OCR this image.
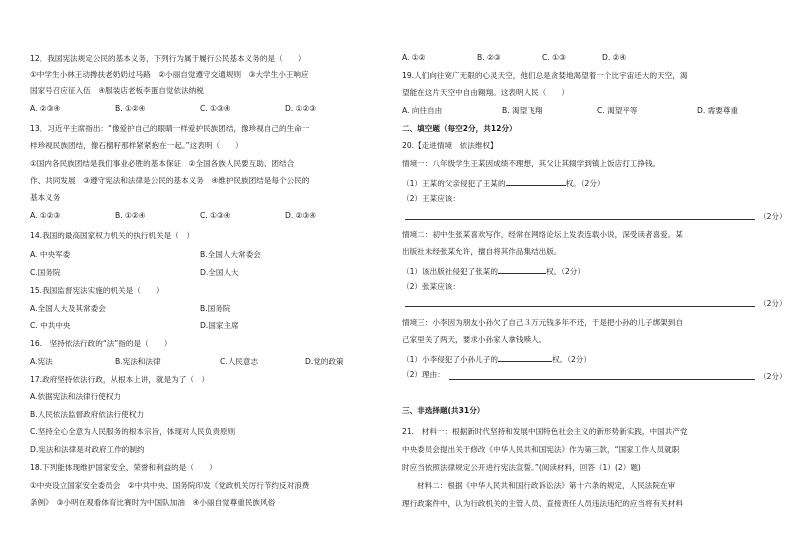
12．我国宪法规定公民的基本义务，下列行为属于履行公民基本义务的是（　　）
①中学生小林王动搀扶老奶奶过马路　②小丽自觉遵守交通规则　③大学生小王响应
国家号召应征入伍　④服装店老板李蛋自觉依法纳税
A. ②③④	B. ①②④	C. ①③④	D. ①②③
13．习近平主席指出：“像爱护自己的眼睛一样爱护民族团结，像珍视自己的生命一
样珍视民族团结，像石榴籽那样紧紧抱在一起。”这表明（　　）
①国内各民族团结是我们事业必胜的基本保证　②全国各族人民要互助、团结合
作、共同发展　③遵守宪法和法律是公民的基本义务　④维护民族团结是每个公民的
基本义务
A. ①②③	B. ①②④	C. ①③④	D. ②③④
14.我国的最高国家权力机关的执行机关是（　）
A. 中央军委	B.全国人大常委会
C.国务院	D.全国人大
15.我国监督宪法实施的机关是（　　）
A.全国人大及其常委会	B.国务院
C. 中共中央	D.国家主席
16.　坚持依法行政的“法”指的是（　　）
A.宪法	B.宪法和法律	C.人民意志	D.党的政策
17.政府坚持依法行政，从根本上讲，就是为了（　）
A.依据宪法和法律行使权力
B.人民依法监督政府依法行使权力
C.坚持全心全意为人民服务的根本宗旨，体现对人民负责原则
D.宪法和法律是对政府工作的制约
18.下列能体现维护国家安全、荣誉和利益的是（　　）
①中央设立国家安全委员会　②中共中央、国务院印发《党政机关厉行节约反对浪费
条例》　③小明在观看体育比赛时为中国队加油　④小丽自觉尊重民族风俗
A. ①②	B. ②③	C. ①③	D. ②④
19.人们向往宽广无限的心灵天空，他们总是贪婪地渴望着一个比宇宙还大的天空，渴
望能在这片天空中自由翱翔。这表明人民（　　）
A. 向往自由	B. 渴望飞翔	C. 渴望平等	D. 需要尊重
二、填空题（每空2分，共12分）
20.【走进情境　依法维权】
情境一：八年级学生王某因成绩不理想，其父让其辍学到镇上饭店打工挣钱。
（1）王某的父亲侵犯了王某的	权。（2分）
（2）王某应该：
（2分）
情境二：初中生张某喜欢写作，经常在网络论坛上发表连载小说，深受读者喜爱。某
出版社未经张某允许，擅自将其作品集结出版。
（1）该出版社侵犯了张某的	权。（2分）
（2）张某应该：
（2分）
情境三：小李因为朋友小孙欠了自己３万元钱多年不还，于是把小孙的儿子绑架到自
己家里关了两天，要求小孙家人拿钱赎人。
（1）小李侵犯了小孙儿子的	权。（2分）
（2）理由：	（2分）
三、非选择题(共31分）
21.　材料一：根据新时代坚持和发展中国特色社会主义的新形势新实践，中国共产党
中央委员会提出关于修改《中华人民共和国宪法》作为第三款，“国家工作人员就职
时应当依照法律规定公开进行宪法宣誓。”(阅读材料，回答（1）(2）题)
材料二：根据《中华人民共和国行政诉讼法》第十六条的规定，人民法院在审
理行政案件中，认为行政机关的主管人员、直接责任人员违法违纪的应当将有关材料
